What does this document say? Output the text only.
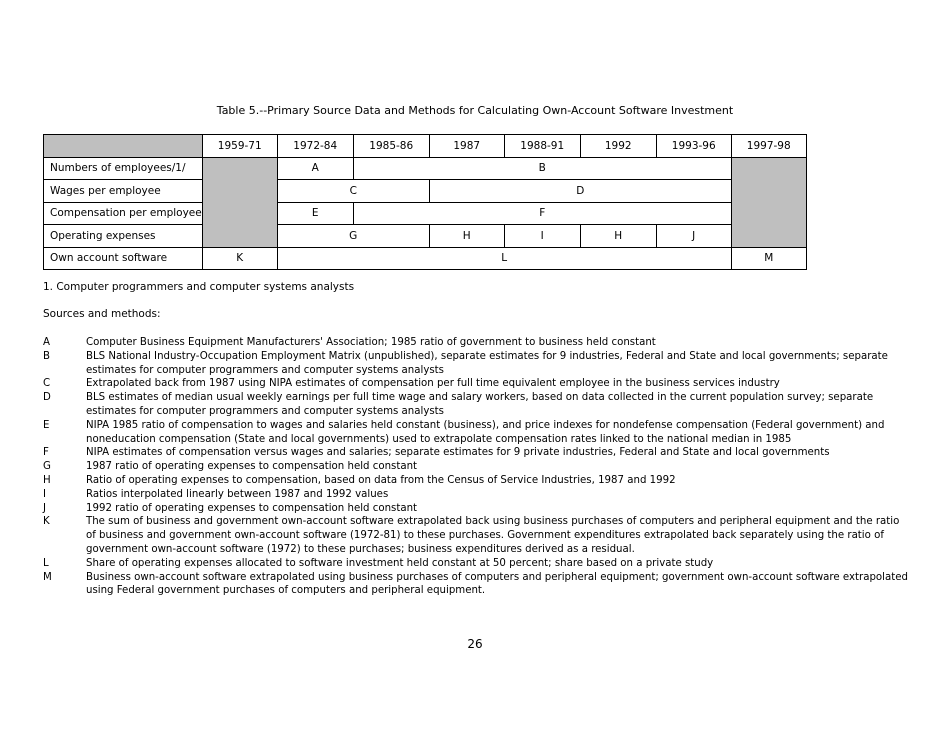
Table 5.--Primary Source Data and Methods for Calculating Own-Account Software Investment
	1959-71	1972-84	1985-86	1987	1988-91	1992	1993-96	1997-98
Numbers of employees/1/		A	B					
Wages per employee		C		D				
Compensation per employee		E	F					
Operating expenses		G		H	I	H	J	
Own account software	K	L						M
1. Computer programmers and computer systems analysts
Sources and methods:
A	Computer Business Equipment Manufacturers' Association; 1985 ratio of government to business held constant
B	BLS National Industry-Occupation Employment Matrix (unpublished), separate estimates for 9 industries, Federal and State and local governments; separate estimates for computer programmers and computer systems analysts
C	Extrapolated back from 1987 using NIPA estimates of compensation per full time equivalent employee in the business services industry
D	BLS estimates of median usual weekly earnings per full time wage and salary workers, based on data collected in the current population survey; separate estimates for computer programmers and computer systems analysts
E	NIPA 1985 ratio of compensation to wages and salaries held constant (business), and price indexes for nondefense compensation (Federal government) and noneducation compensation (State and local governments) used to extrapolate compensation rates linked to the national median in 1985
F	NIPA estimates of compensation versus wages and salaries; separate estimates for 9 private industries, Federal and State and local governments
G	1987 ratio of operating expenses to compensation held constant
H	Ratio of operating expenses to compensation, based on data from the Census of Service Industries, 1987 and 1992
I	Ratios interpolated linearly between 1987 and 1992 values
J	1992 ratio of operating expenses to compensation held constant
K	The sum of business and government own-account software extrapolated back using business purchases of computers and peripheral equipment and the ratio of business and government own-account software (1972-81) to these purchases. Government expenditures extrapolated back separately using the ratio of government own-account software (1972) to these purchases; business expenditures derived as a residual.
L	Share of operating expenses allocated to software investment held constant at 50 percent; share based on a private study
M	Business own-account software extrapolated using business purchases of computers and peripheral equipment; government own-account software extrapolated using Federal government purchases of computers and peripheral equipment.
26
